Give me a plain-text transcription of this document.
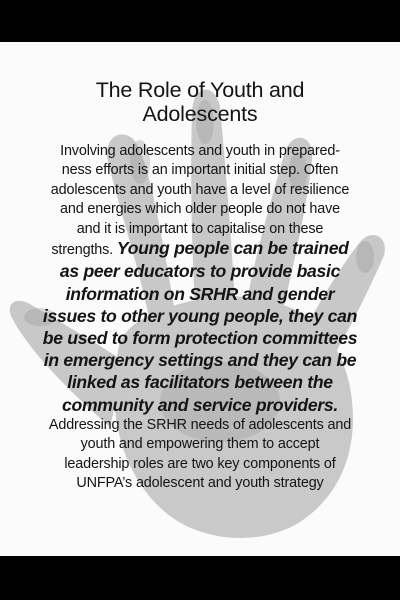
The Role of Youth and
Adolescents
Involving adolescents and youth in prepared-
ness efforts is an important initial step. Often
adolescents and youth have a level of resilience
and energies which older people do not have
and it is important to capitalise on these
strengths. Young people can be trained
as peer educators to provide basic
information on SRHR and gender
issues to other young people, they can
be used to form protection committees
in emergency settings and they can be
linked as facilitators between the
community and service providers.
Addressing the SRHR needs of adolescents and
youth and empowering them to accept
leadership roles are two key components of
UNFPA’s adolescent and youth strategy
